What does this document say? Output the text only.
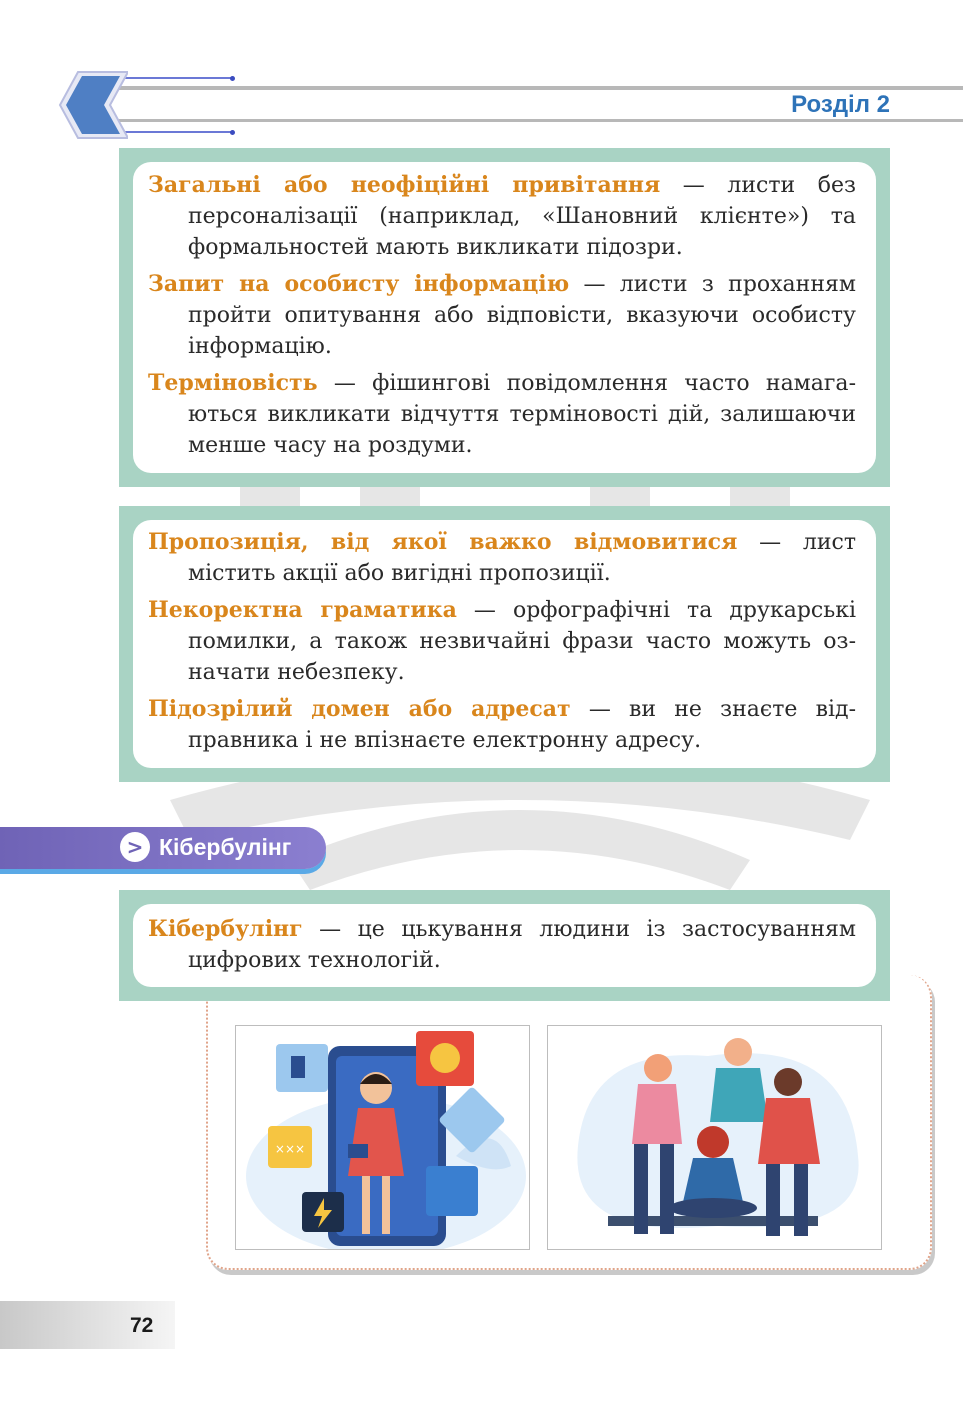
Розділ 2
Загальні або неофіційні привітання — листи без персоналізації (наприклад, «Шановний клієнте») та формальностей мають викликати підозри.
Запит на особисту інформацію — листи з проханням пройти опитування або відповісти, вказуючи особисту інформацію.
Терміновість — фішингові повідомлення часто намагаються викликати відчуття терміновості дій, залишаючи менше часу на роздуми.
Пропозиція, від якої важко відмовитися — лист містить акції або вигідні пропозиції.
Некоректна граматика — орфографічні та друкарські помилки, а також незвичайні фрази часто можуть означати небезпеку.
Підозрілий домен або адресат — ви не знаєте відправника і не впізнаєте електронну адресу.
> Кібербулінг
Кібербулінг — це цькування людини із застосуванням цифрових технологій.
×××
72
